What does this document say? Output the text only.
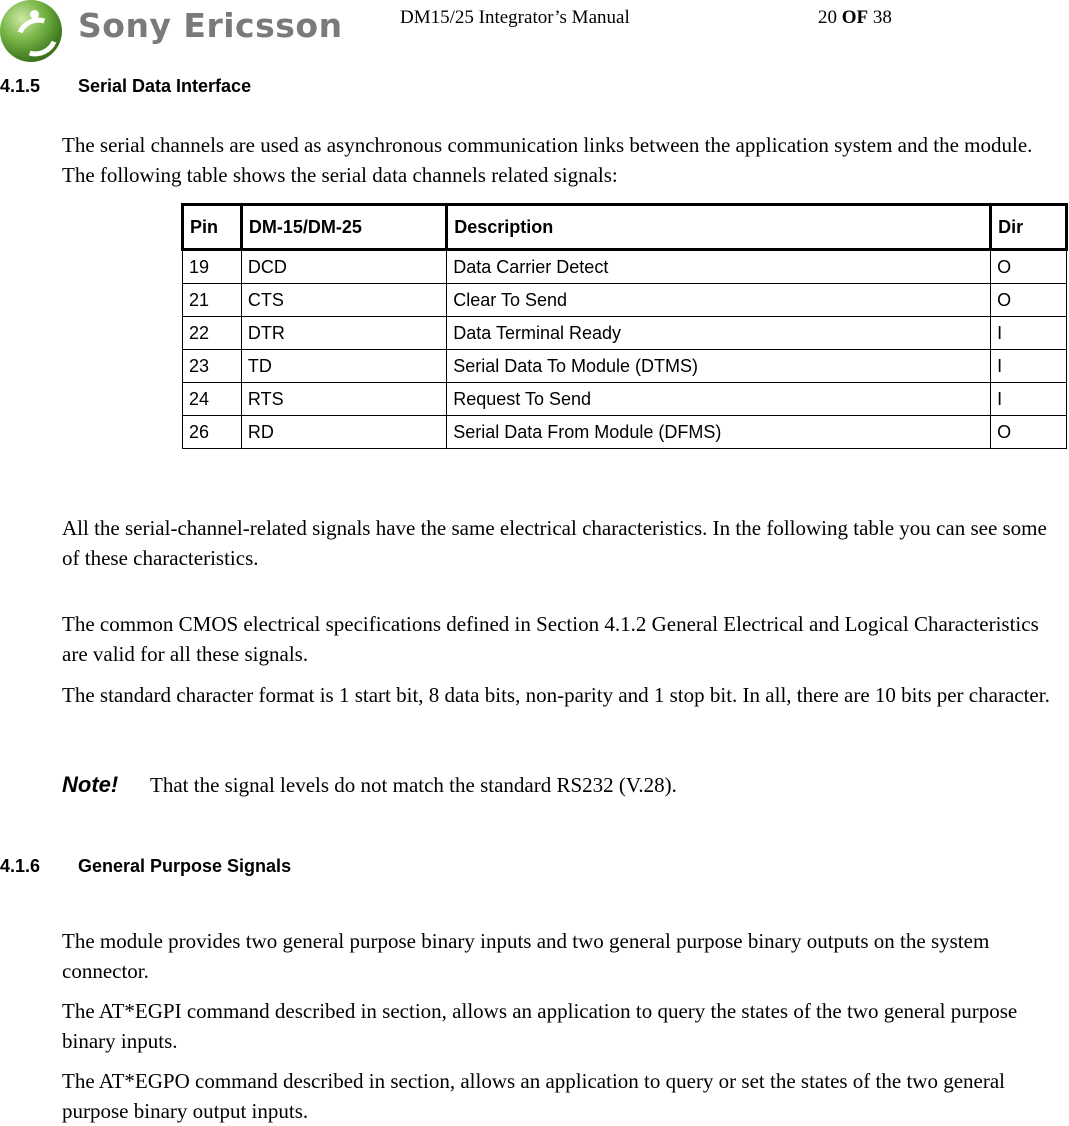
Sony Ericsson	DM15/25 Integrator’s Manual	20 OF 38
4.1.5 Serial Data Interface
The serial channels are used as asynchronous communication links between the application system and the module. The following table shows the serial data channels related signals:
Pin	DM-15/DM-25	Description	Dir
19	DCD	Data Carrier Detect	O
21	CTS	Clear To Send	O
22	DTR	Data Terminal Ready	I
23	TD	Serial Data To Module (DTMS)	I
24	RTS	Request To Send	I
26	RD	Serial Data From Module (DFMS)	O
All the serial-channel-related signals have the same electrical characteristics. In the following table you can see some of these characteristics.
The common CMOS electrical specifications defined in Section 4.1.2 General Electrical and Logical Characteristics are valid for all these signals.
The standard character format is 1 start bit, 8 data bits, non-parity and 1 stop bit. In all, there are 10 bits per character.
Note! That the signal levels do not match the standard RS232 (V.28).
4.1.6 General Purpose Signals
The module provides two general purpose binary inputs and two general purpose binary outputs on the system connector.
The AT*EGPI command described in section, allows an application to query the states of the two general purpose binary inputs.
The AT*EGPO command described in section, allows an application to query or set the states of the two general purpose binary output inputs.
